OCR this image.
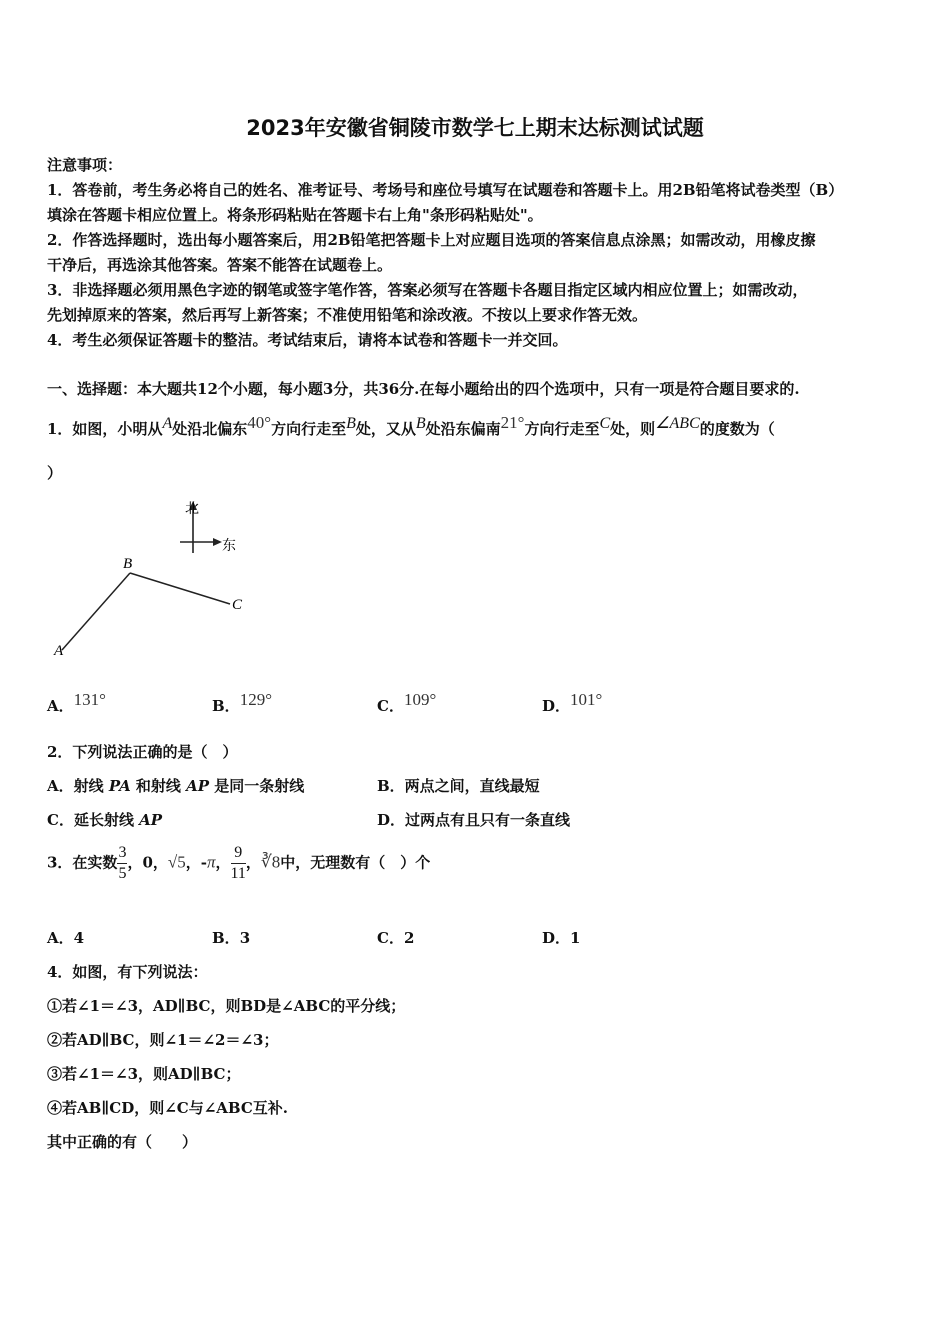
2023年安徽省铜陵市数学七上期末达标测试试题
注意事项：
1．答卷前，考生务必将自己的姓名、准考证号、考场号和座位号填写在试题卷和答题卡上。用2B铅笔将试卷类型（B）
填涂在答题卡相应位置上。将条形码粘贴在答题卡右上角"条形码粘贴处"。
2．作答选择题时，选出每小题答案后，用2B铅笔把答题卡上对应题目选项的答案信息点涂黑；如需改动，用橡皮擦
干净后，再选涂其他答案。答案不能答在试题卷上。
3．非选择题必须用黑色字迹的钢笔或签字笔作答，答案必须写在答题卡各题目指定区域内相应位置上；如需改动，
先划掉原来的答案，然后再写上新答案；不准使用铅笔和涂改液。不按以上要求作答无效。
4．考生必须保证答题卡的整洁。考试结束后，请将本试卷和答题卡一并交回。
一、选择题：本大题共12个小题，每小题3分，共36分.在每小题给出的四个选项中，只有一项是符合题目要求的.
1．如图，小明从$^A$处沿北偏东$^{40^\circ}$方向行走至$^B$处，又从$^B$处沿东偏南$^{21^\circ}$方向行走至$^C$处，则$^{\angle ABC}$的度数为（
）
北
东
A
B
C
A．$^{131^\circ}$	B．$^{129^\circ}$	C．$^{109^\circ}$	D．$^{101^\circ}$
2．下列说法正确的是（　）
A．射线 PA 和射线 AP 是同一条射线	B．两点之间，直线最短
C．延长射线 AP	D．过两点有且只有一条直线
3．在实数 $\frac{3}{5}$ ，0，√5，-π， $\frac{9}{11}$ ，∛8中，无理数有（　）个
A．4	B．3	C．2	D．1
4．如图，有下列说法：
①若∠1＝∠3，AD∥BC，则BD是∠ABC的平分线；
②若AD∥BC，则∠1＝∠2＝∠3；
③若∠1＝∠3，则AD∥BC；
④若AB∥CD，则∠C与∠ABC互补.
其中正确的有（　　）
